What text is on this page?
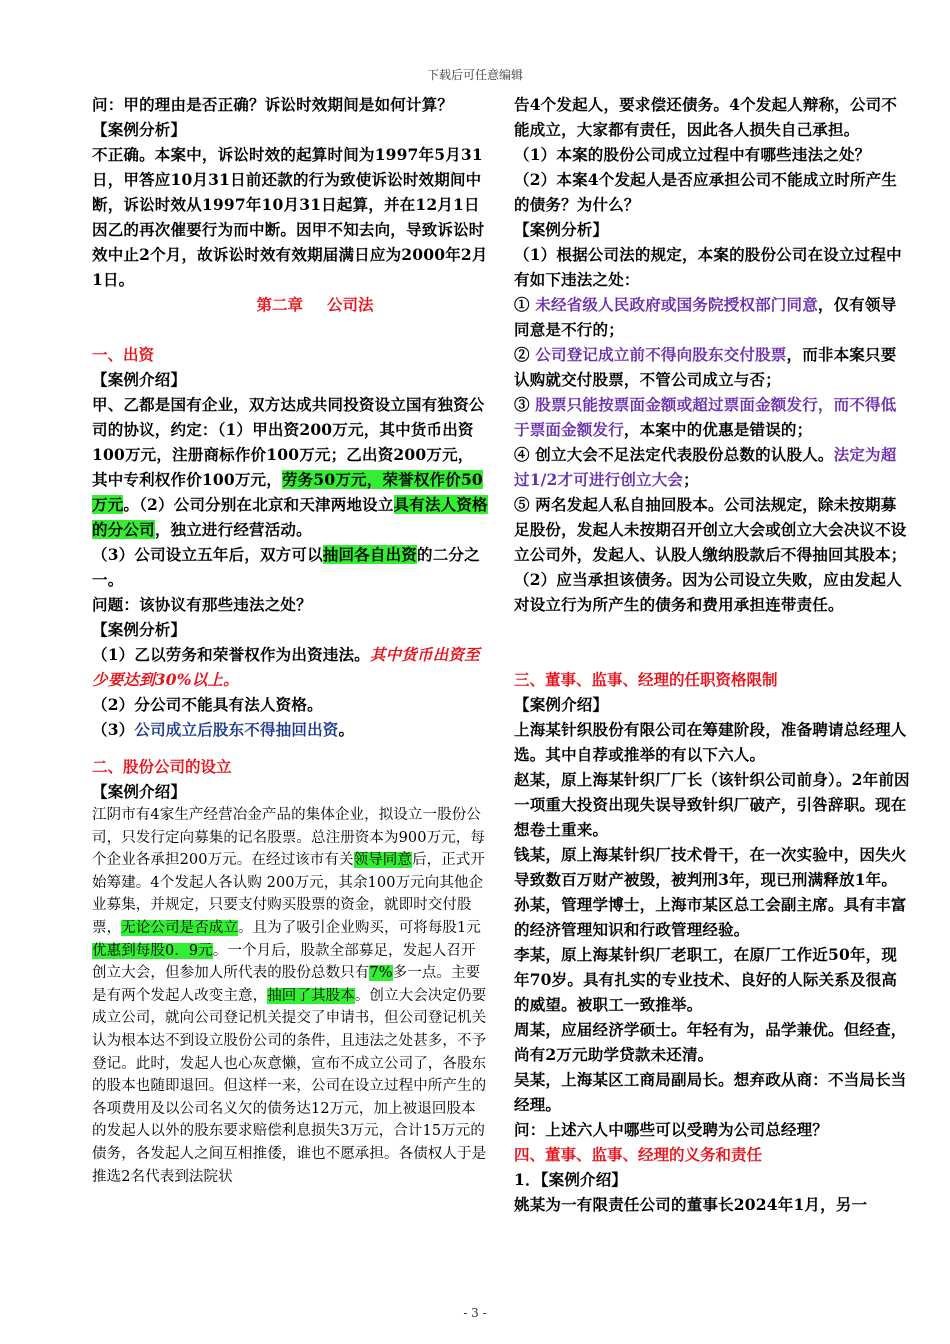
下载后可任意编辑

问：甲的理由是否正确？诉讼时效期间是如何计算？

【案例分析】

不正确。本案中，诉讼时效的起算时间为1997年5月31日，甲答应10月31日前还款的行为致使诉讼时效期间中断，诉讼时效从1997年10月31日起算，并在12月1日因乙的再次催要行为而中断。因甲不知去向，导致诉讼时效中止2个月，故诉讼时效有效期届满日应为2000年2月1日。

第二章 公司法

一、出资

【案例介绍】

甲、乙都是国有企业，双方达成共同投资设立国有独资公司的协议，约定：（1）甲出资200万元，其中货币出资100万元，注册商标作价100万元；乙出资200万元，其中专利权作价100万元，劳务50万元，荣誉权作价50万元。（2）公司分别在北京和天津两地设立具有法人资格的分公司，独立进行经营活动。

（3）公司设立五年后，双方可以抽回各自出资的二分之一。

问题：该协议有那些违法之处？

【案例分析】

（1）乙以劳务和荣誉权作为出资违法。其中货币出资至少要达到30%以上。

（2）分公司不能具有法人资格。

（3）公司成立后股东不得抽回出资。

二、股份公司的设立

【案例介绍】

江阴市有4家生产经营冶金产品的集体企业，拟设立一股份公司，只发行定向募集的记名股票。总注册资本为900万元，每个企业各承担200万元。在经过该市有关领导同意后，正式开始筹建。4个发起人各认购 200万元，其余100万元向其他企业募集，并规定，只要支付购买股票的资金，就即时交付股票，无论公司是否成立。且为了吸引企业购买，可将每股1元优惠到每股0．9元。一个月后，股款全部募足，发起人召开创立大会，但参加人所代表的股份总数只有7%多一点。主要是有两个发起人改变主意，抽回了其股本。创立大会决定仍要成立公司，就向公司登记机关提交了申请书，但公司登记机关认为根本达不到设立股份公司的条件，且违法之处甚多，不予登记。此时，发起人也心灰意懒，宣布不成立公司了，各股东的股本也随即退回。但这样一来，公司在设立过程中所产生的各项费用及以公司名义欠的债务达12万元，加上被退回股本的发起人以外的股东要求赔偿利息损失3万元，合计15万元的债务，各发起人之间互相推倭，谁也不愿承担。各债权人于是推选2名代表到法院状

告4个发起人，要求偿还债务。4个发起人辩称，公司不能成立，大家都有责任，因此各人损失自己承担。

（1）本案的股份公司成立过程中有哪些违法之处？

（2）本案4个发起人是否应承担公司不能成立时所产生的债务？为什么？

【案例分析】

（1）根据公司法的规定，本案的股份公司在设立过程中有如下违法之处：

① 未经省级人民政府或国务院授权部门同意，仅有领导同意是不行的；

② 公司登记成立前不得向股东交付股票，而非本案只要认购就交付股票，不管公司成立与否；

③ 股票只能按票面金额或超过票面金额发行，而不得低于票面金额发行，本案中的优惠是错误的；

④ 创立大会不足法定代表股份总数的认股人。法定为超过1/2才可进行创立大会；

⑤ 两名发起人私自抽回股本。公司法规定，除未按期募足股份，发起人未按期召开创立大会或创立大会决议不设立公司外，发起人、认股人缴纳股款后不得抽回其股本；

（2）应当承担该债务。因为公司设立失败，应由发起人对设立行为所产生的债务和费用承担连带责任。

三、董事、监事、经理的任职资格限制

【案例介绍】

上海某针织股份有限公司在筹建阶段，准备聘请总经理人选。其中自荐或推举的有以下六人。

赵某，原上海某针织厂厂长（该针织公司前身）。2年前因一项重大投资出现失误导致针织厂破产，引咎辞职。现在想卷土重来。

钱某，原上海某针织厂技术骨干，在一次实验中，因失火导致数百万财产被毁，被判刑3年，现已刑满释放1年。

孙某，管理学博士，上海市某区总工会副主席。具有丰富的经济管理知识和行政管理经验。

李某，原上海某针织厂老职工，在原厂工作近50年，现年70岁。具有扎实的专业技术、良好的人际关系及很高的威望。被职工一致推举。

周某，应届经济学硕士。年轻有为，品学兼优。但经查，尚有2万元助学贷款未还清。

吴某，上海某区工商局副局长。想弃政从商：不当局长当经理。

问：上述六人中哪些可以受聘为公司总经理？

四、董事、监事、经理的义务和责任

1．【案例介绍】

姚某为一有限责任公司的董事长2024年1月，另一

- 3 -
